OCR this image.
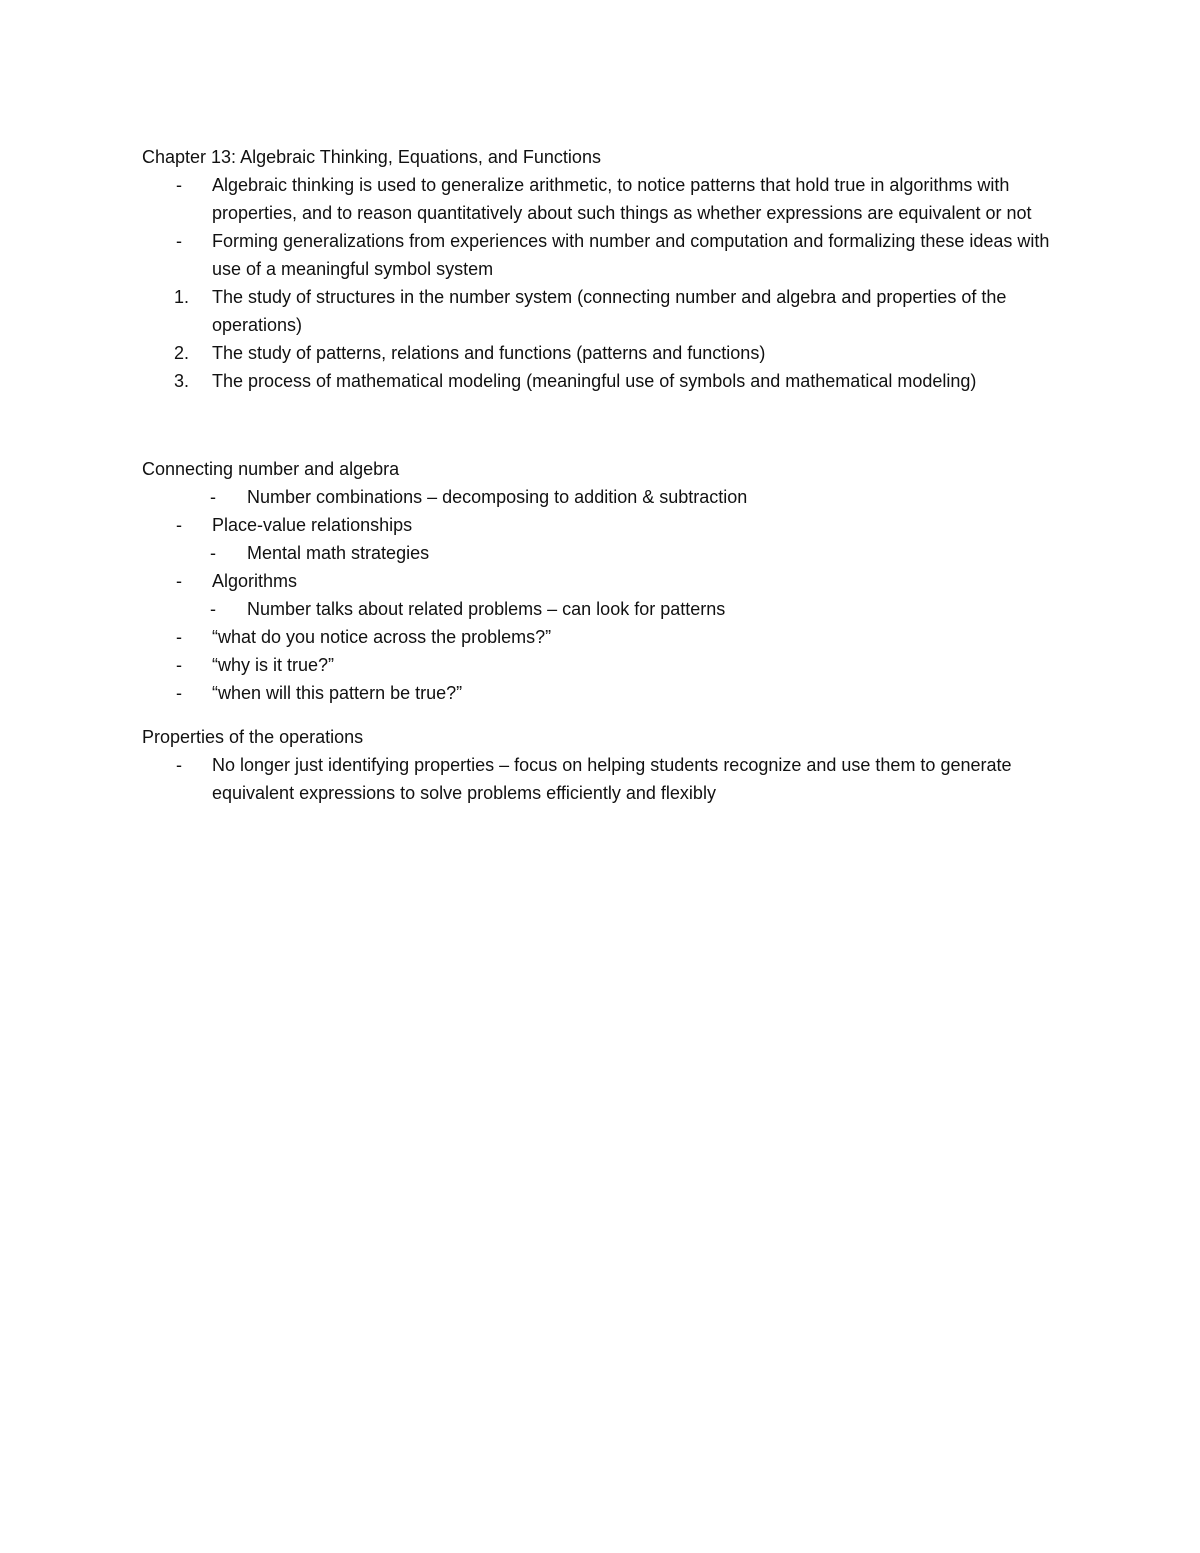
Chapter 13: Algebraic Thinking, Equations, and Functions
- Algebraic thinking is used to generalize arithmetic, to notice patterns that hold true in algorithms with properties, and to reason quantitatively about such things as whether expressions are equivalent or not
- Forming generalizations from experiences with number and computation and formalizing these ideas with use of a meaningful symbol system
1. The study of structures in the number system (connecting number and algebra and properties of the operations)
2. The study of patterns, relations and functions (patterns and functions)
3. The process of mathematical modeling (meaningful use of symbols and mathematical modeling)
Connecting number and algebra
- Number combinations – decomposing to addition & subtraction
- Place-value relationships
- Mental math strategies
- Algorithms
- Number talks about related problems – can look for patterns
- “what do you notice across the problems?”
- “why is it true?”
- “when will this pattern be true?”
Properties of the operations
- No longer just identifying properties – focus on helping students recognize and use them to generate equivalent expressions to solve problems efficiently and flexibly
